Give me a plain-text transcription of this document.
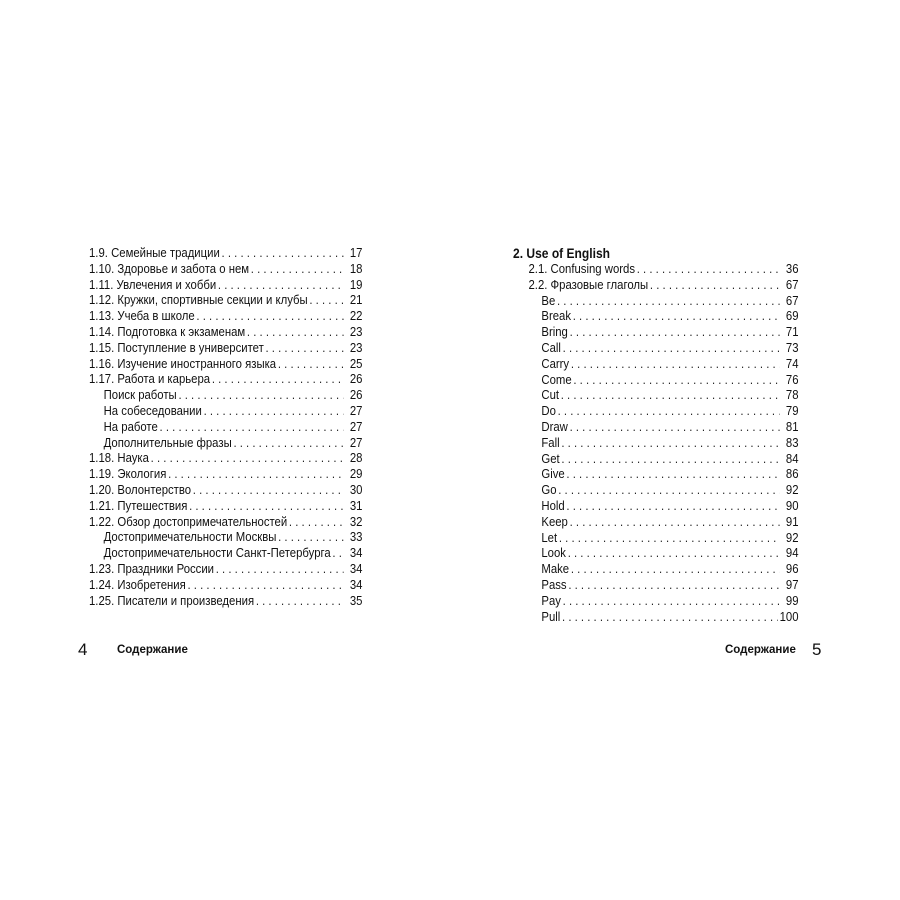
1.9. Семейные традиции . . .	17
1.10. Здоровье и забота о нем . . .	18
1.11. Увлечения и хобби . . .	19
1.12. Кружки, спортивные секции и клубы . . .	21
1.13. Учеба в школе . . .	22
1.14. Подготовка к экзаменам . . .	23
1.15. Поступление в университет . . .	23
1.16. Изучение иностранного языка . . .	25
1.17. Работа и карьера . . .	26
Поиск работы . . .	26
На собеседовании . . .	27
На работе . . .	27
Дополнительные фразы . . .	27
1.18. Наука . . .	28
1.19. Экология . . .	29
1.20. Волонтерство . . .	30
1.21. Путешествия . . .	31
1.22. Обзор достопримечательностей . . .	32
Достопримечательности Москвы . . .	33
Достопримечательности Санкт-Петербурга . . .	34
1.23. Праздники России . . .	34
1.24. Изобретения . . .	34
1.25. Писатели и произведения . . .	35
2. Use of English
2.1. Confusing words . . .	36
2.2. Фразовые глаголы . . .	67
Be . . .	67
Break . . .	69
Bring . . .	71
Call . . .	73
Carry . . .	74
Come . . .	76
Cut . . .	78
Do . . .	79
Draw . . .	81
Fall . . .	83
Get . . .	84
Give . . .	86
Go . . .	92
Hold . . .	90
Keep . . .	91
Let . . .	92
Look . . .	94
Make . . .	96
Pass . . .	97
Pay . . .	99
Pull . . .	100
4	Содержание	Содержание 5
